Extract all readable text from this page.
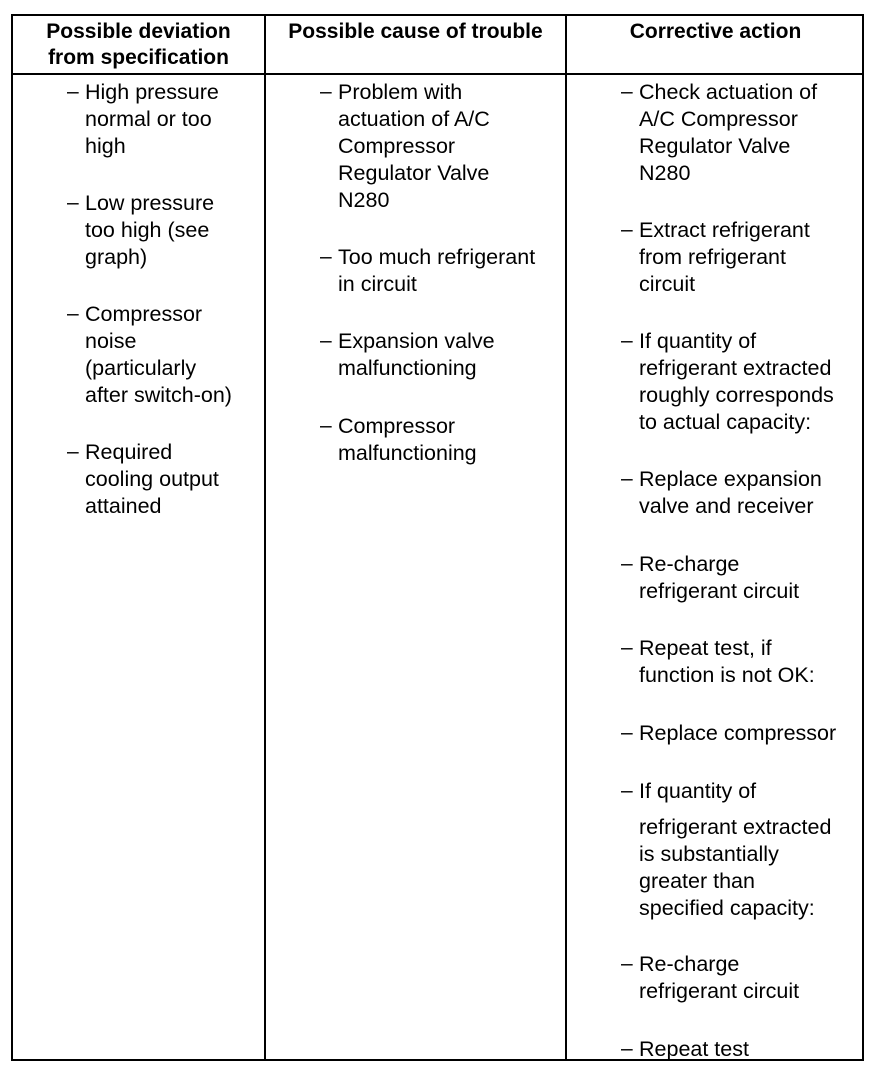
Possible deviation
from specification
Possible cause of trouble	Corrective action
– High pressure
normal or too
high
– Low pressure
too high (see
graph)
– Compressor
noise
(particularly
after switch-on)
– Required
cooling output
attained
– Problem with
actuation of A/C
Compressor
Regulator Valve
N280
– Too much refrigerant
in circuit
– Expansion valve
malfunctioning
– Compressor
malfunctioning
– Check actuation of
A/C Compressor
Regulator Valve
N280
– Extract refrigerant
from refrigerant
circuit
– If quantity of
refrigerant extracted
roughly corresponds
to actual capacity:
– Replace expansion
valve and receiver
– Re-charge
refrigerant circuit
– Repeat test, if
function is not OK:
– Replace compressor
– If quantity of
refrigerant extracted
is substantially
greater than
specified capacity:
– Re-charge
refrigerant circuit
– Repeat test
